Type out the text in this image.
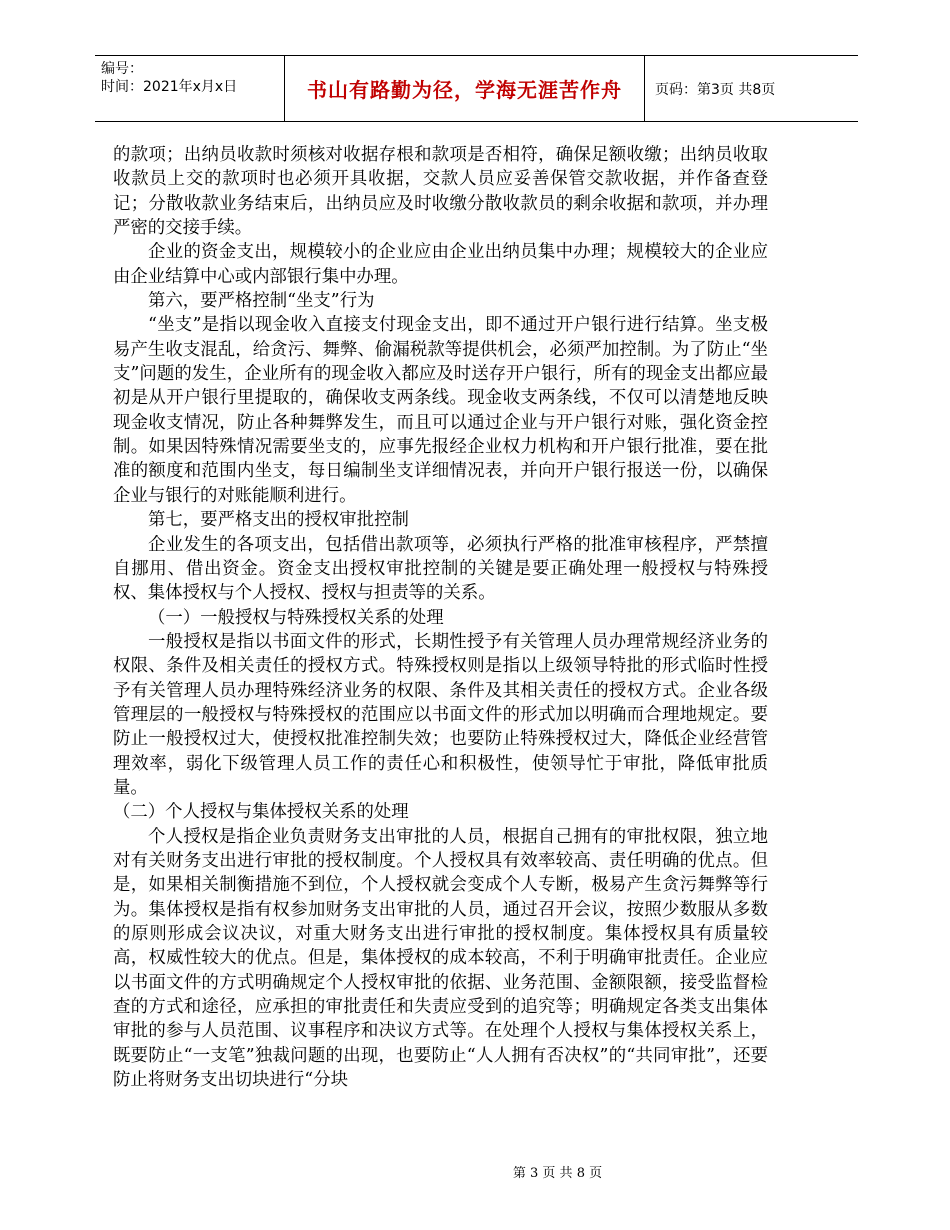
编号：
时间：2021年x月x日	书山有路勤为径，学海无涯苦作舟	页码：第3页 共8页

的款项；出纳员收款时须核对收据存根和款项是否相符，确保足额收缴；出纳员收取收款员上交的款项时也必须开具收据，交款人员应妥善保管交款收据，并作备查登记；分散收款业务结束后，出纳员应及时收缴分散收款员的剩余收据和款项，并办理严密的交接手续。

企业的资金支出，规模较小的企业应由企业出纳员集中办理；规模较大的企业应由企业结算中心或内部银行集中办理。

第六，要严格控制“坐支”行为

“坐支”是指以现金收入直接支付现金支出，即不通过开户银行进行结算。坐支极易产生收支混乱，给贪污、舞弊、偷漏税款等提供机会，必须严加控制。为了防止“坐支”问题的发生，企业所有的现金收入都应及时送存开户银行，所有的现金支出都应最初是从开户银行里提取的，确保收支两条线。现金收支两条线，不仅可以清楚地反映现金收支情况，防止各种舞弊发生，而且可以通过企业与开户银行对账，强化资金控制。如果因特殊情况需要坐支的，应事先报经企业权力机构和开户银行批准，要在批准的额度和范围内坐支，每日编制坐支详细情况表，并向开户银行报送一份，以确保企业与银行的对账能顺利进行。

第七，要严格支出的授权审批控制

企业发生的各项支出，包括借出款项等，必须执行严格的批准审核程序，严禁擅自挪用、借出资金。资金支出授权审批控制的关键是要正确处理一般授权与特殊授权、集体授权与个人授权、授权与担责等的关系。

（一）一般授权与特殊授权关系的处理

一般授权是指以书面文件的形式，长期性授予有关管理人员办理常规经济业务的权限、条件及相关责任的授权方式。特殊授权则是指以上级领导特批的形式临时性授予有关管理人员办理特殊经济业务的权限、条件及其相关责任的授权方式。企业各级管理层的一般授权与特殊授权的范围应以书面文件的形式加以明确而合理地规定。要防止一般授权过大，使授权批准控制失效；也要防止特殊授权过大，降低企业经营管理效率，弱化下级管理人员工作的责任心和积极性，使领导忙于审批，降低审批质量。

（二）个人授权与集体授权关系的处理

个人授权是指企业负责财务支出审批的人员，根据自己拥有的审批权限，独立地对有关财务支出进行审批的授权制度。个人授权具有效率较高、责任明确的优点。但是，如果相关制衡措施不到位，个人授权就会变成个人专断，极易产生贪污舞弊等行为。集体授权是指有权参加财务支出审批的人员，通过召开会议，按照少数服从多数的原则形成会议决议，对重大财务支出进行审批的授权制度。集体授权具有质量较高，权威性较大的优点。但是，集体授权的成本较高，不利于明确审批责任。企业应以书面文件的方式明确规定个人授权审批的依据、业务范围、金额限额，接受监督检查的方式和途径，应承担的审批责任和失责应受到的追究等；明确规定各类支出集体审批的参与人员范围、议事程序和决议方式等。在处理个人授权与集体授权关系上，既要防止“一支笔”独裁问题的出现，也要防止“人人拥有否决权”的“共同审批”，还要防止将财务支出切块进行“分块

第 3 页 共 8 页
